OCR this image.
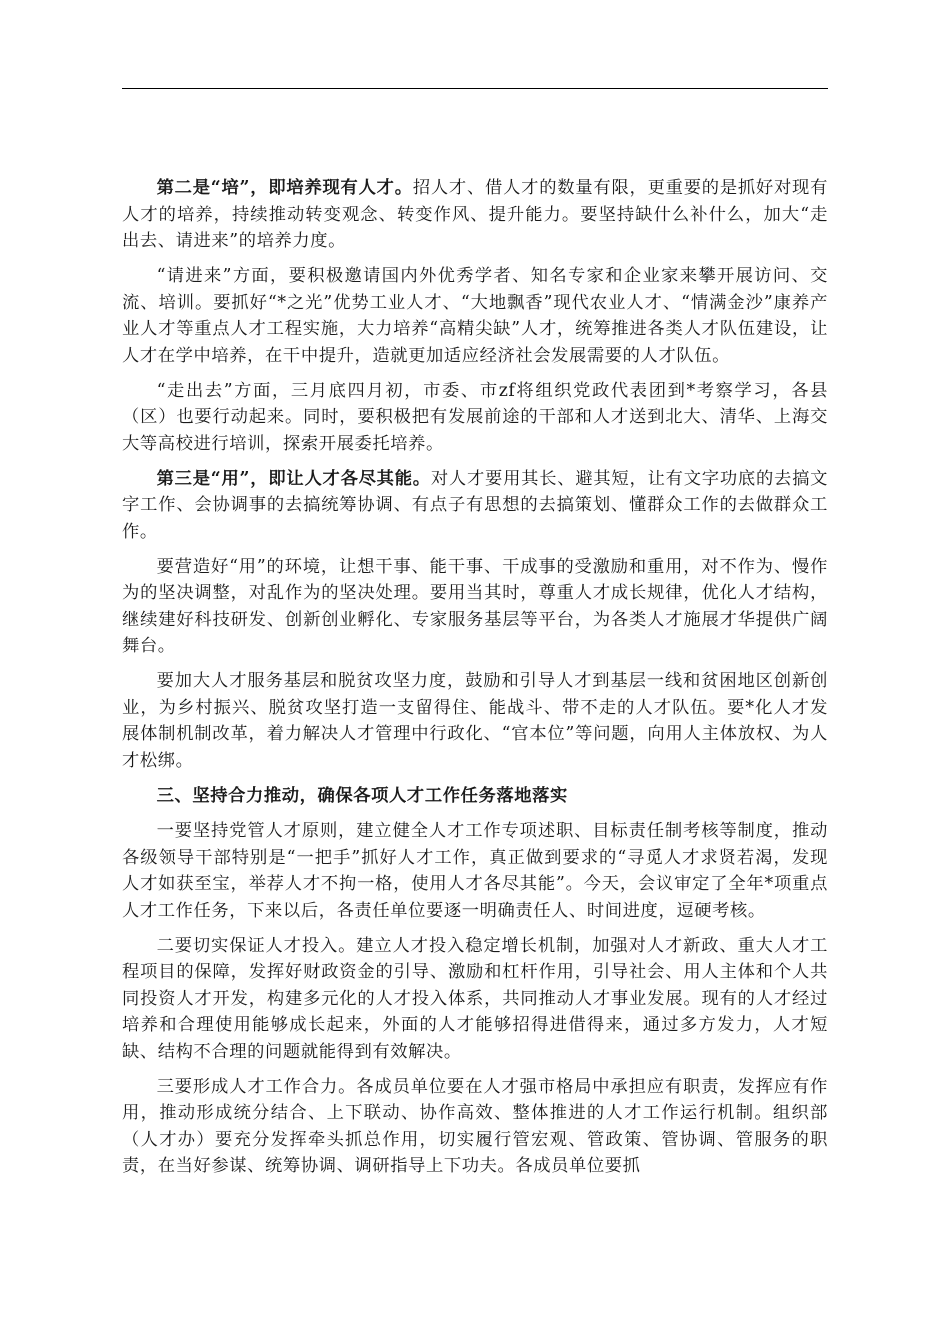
第二是“培”，即培养现有人才。招人才、借人才的数量有限，更重要的是抓好对现有人才的培养，持续推动转变观念、转变作风、提升能力。要坚持缺什么补什么，加大“走出去、请进来”的培养力度。

“请进来”方面，要积极邀请国内外优秀学者、知名专家和企业家来攀开展访问、交流、培训。要抓好“*之光”优势工业人才、“大地飘香”现代农业人才、“情满金沙”康养产业人才等重点人才工程实施，大力培养“高精尖缺”人才，统筹推进各类人才队伍建设，让人才在学中培养，在干中提升，造就更加适应经济社会发展需要的人才队伍。

“走出去”方面，三月底四月初，市委、市zf将组织党政代表团到*考察学习，各县（区）也要行动起来。同时，要积极把有发展前途的干部和人才送到北大、清华、上海交大等高校进行培训，探索开展委托培养。

第三是“用”，即让人才各尽其能。对人才要用其长、避其短，让有文字功底的去搞文字工作、会协调事的去搞统筹协调、有点子有思想的去搞策划、懂群众工作的去做群众工作。

要营造好“用”的环境，让想干事、能干事、干成事的受激励和重用，对不作为、慢作为的坚决调整，对乱作为的坚决处理。要用当其时，尊重人才成长规律，优化人才结构，继续建好科技研发、创新创业孵化、专家服务基层等平台，为各类人才施展才华提供广阔舞台。

要加大人才服务基层和脱贫攻坚力度，鼓励和引导人才到基层一线和贫困地区创新创业，为乡村振兴、脱贫攻坚打造一支留得住、能战斗、带不走的人才队伍。要*化人才发展体制机制改革，着力解决人才管理中行政化、“官本位”等问题，向用人主体放权、为人才松绑。

三、坚持合力推动，确保各项人才工作任务落地落实

一要坚持党管人才原则，建立健全人才工作专项述职、目标责任制考核等制度，推动各级领导干部特别是“一把手”抓好人才工作，真正做到要求的“寻觅人才求贤若渴，发现人才如获至宝，举荐人才不拘一格，使用人才各尽其能”。今天，会议审定了全年*项重点人才工作任务，下来以后，各责任单位要逐一明确责任人、时间进度，逗硬考核。

二要切实保证人才投入。建立人才投入稳定增长机制，加强对人才新政、重大人才工程项目的保障，发挥好财政资金的引导、激励和杠杆作用，引导社会、用人主体和个人共同投资人才开发，构建多元化的人才投入体系，共同推动人才事业发展。现有的人才经过培养和合理使用能够成长起来，外面的人才能够招得进借得来，通过多方发力，人才短缺、结构不合理的问题就能得到有效解决。

三要形成人才工作合力。各成员单位要在人才强市格局中承担应有职责，发挥应有作用，推动形成统分结合、上下联动、协作高效、整体推进的人才工作运行机制。组织部（人才办）要充分发挥牵头抓总作用，切实履行管宏观、管政策、管协调、管服务的职责，在当好参谋、统筹协调、调研指导上下功夫。各成员单位要抓
